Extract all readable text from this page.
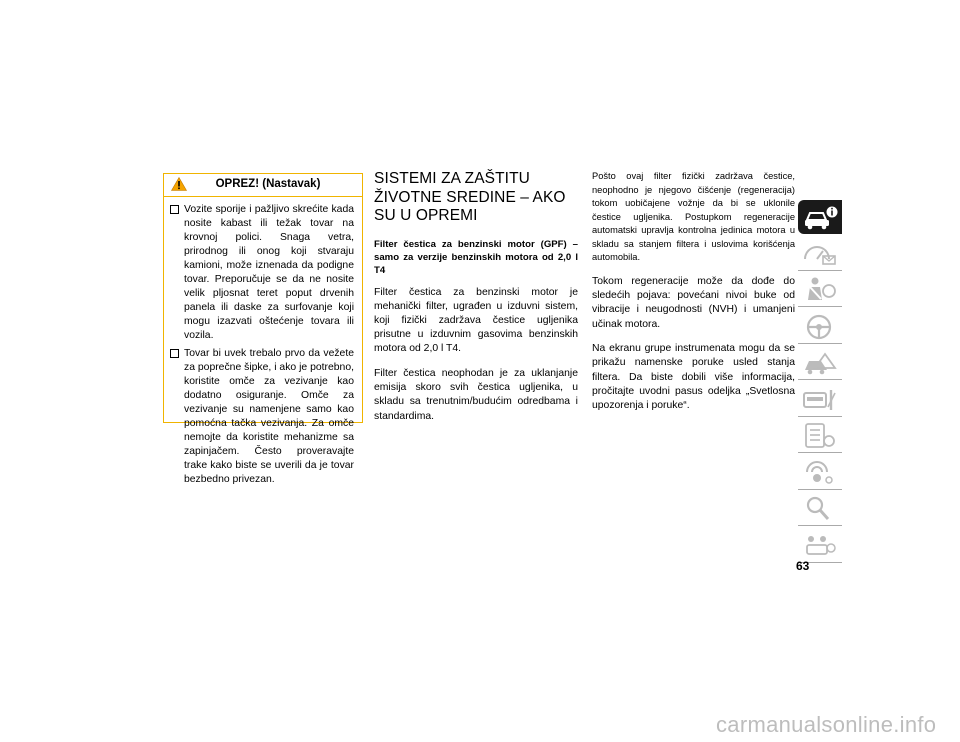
OPREZ! (Nastavak)
Vozite sporije i pažljivo skrećite kada nosite kabast ili težak tovar na krovnoj polici. Snaga vetra, prirodnog ili onog koji stvaraju kamioni, može iznenada da podigne tovar. Preporučuje se da ne nosite velik pljosnat teret poput drvenih panela ili daske za surfovanje koji mogu izazvati oštećenje tovara ili vozila.
Tovar bi uvek trebalo prvo da vežete za poprečne šipke, i ako je potrebno, koristite omče za vezivanje kao dodatno osiguranje. Omče za vezivanje su namenjene samo kao pomoćna tačka vezivanja. Za omče nemojte da koristite mehanizme sa zapinjačem. Često proveravajte trake kako biste se uverili da je tovar bezbedno privezan.
SISTEMI ZA ZAŠTITU ŽIVOTNE SREDINE – AKO SU U OPREMI
Filter čestica za benzinski motor (GPF) – samo za verzije benzinskih motora od 2,0 l T4

Filter čestica za benzinski motor je mehanički filter, ugrađen u izduvni sistem, koji fizički zadržava čestice ugljenika prisutne u izduvnim gasovima benzinskih motora od 2,0 l T4.

Filter čestica neophodan je za uklanjanje emisija skoro svih čestica ugljenika, u skladu sa trenutnim/budućim odredbama i standardima.

Pošto ovaj filter fizički zadržava čestice, neophodno je njegovo čišćenje (regeneracija) tokom uobičajene vožnje da bi se uklonile čestice ugljenika. Postupkom regeneracije automatski upravlja kontrolna jedinica motora u skladu sa stanjem filtera i uslovima korišćenja automobila.

Tokom regeneracije može da dođe do sledećih pojava: povećani nivoi buke od vibracije i neugodnosti (NVH) i umanjeni učinak motora.

Na ekranu grupe instrumenata mogu da se prikažu namenske poruke usled stanja filtera. Da biste dobili više informacija, pročitajte uvodni pasus odeljka „Svetlosna upozorenja i poruke“.

63
carmanualsonline.info
